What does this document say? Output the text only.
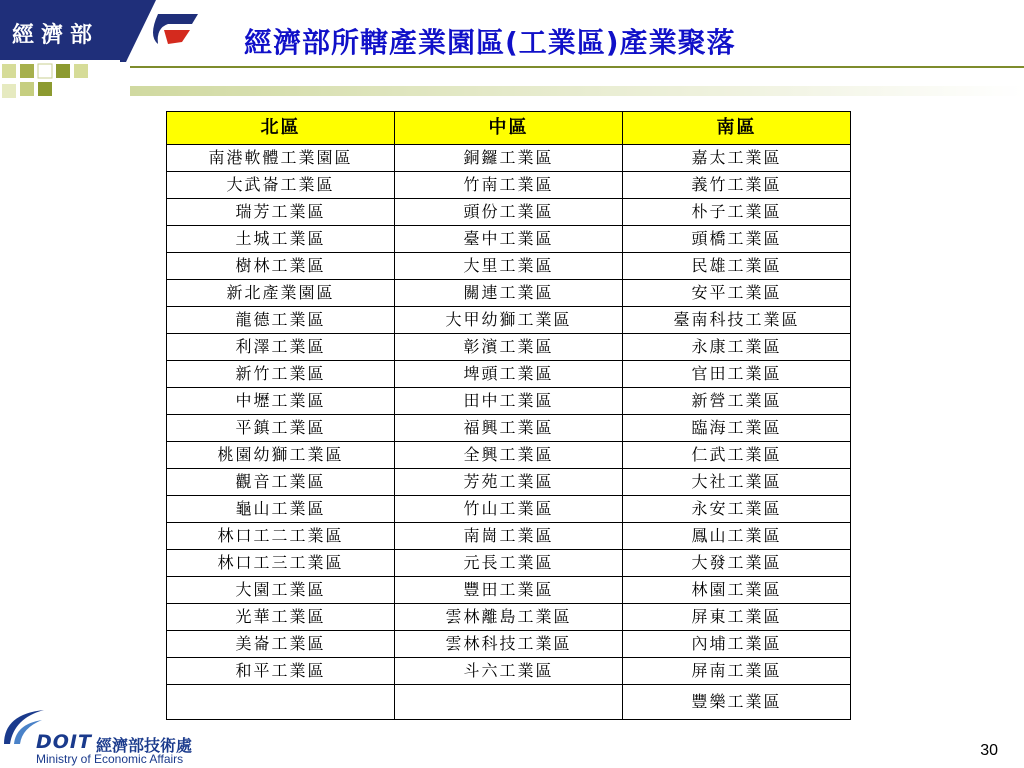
經濟部	經濟部所轄產業園區(工業區)產業聚落
北區	中區	南區
南港軟體工業園區	銅鑼工業區	嘉太工業區
大武崙工業區	竹南工業區	義竹工業區
瑞芳工業區	頭份工業區	朴子工業區
土城工業區	臺中工業區	頭橋工業區
樹林工業區	大里工業區	民雄工業區
新北產業園區	關連工業區	安平工業區
龍德工業區	大甲幼獅工業區	臺南科技工業區
利澤工業區	彰濱工業區	永康工業區
新竹工業區	埤頭工業區	官田工業區
中壢工業區	田中工業區	新營工業區
平鎮工業區	福興工業區	臨海工業區
桃園幼獅工業區	全興工業區	仁武工業區
觀音工業區	芳苑工業區	大社工業區
龜山工業區	竹山工業區	永安工業區
林口工二工業區	南崗工業區	鳳山工業區
林口工三工業區	元長工業區	大發工業區
大園工業區	豐田工業區	林園工業區
光華工業區	雲林離島工業區	屏東工業區
美崙工業區	雲林科技工業區	內埔工業區
和平工業區	斗六工業區	屏南工業區
		豐樂工業區
DOIT 經濟部技術處
Ministry of Economic Affairs	30
